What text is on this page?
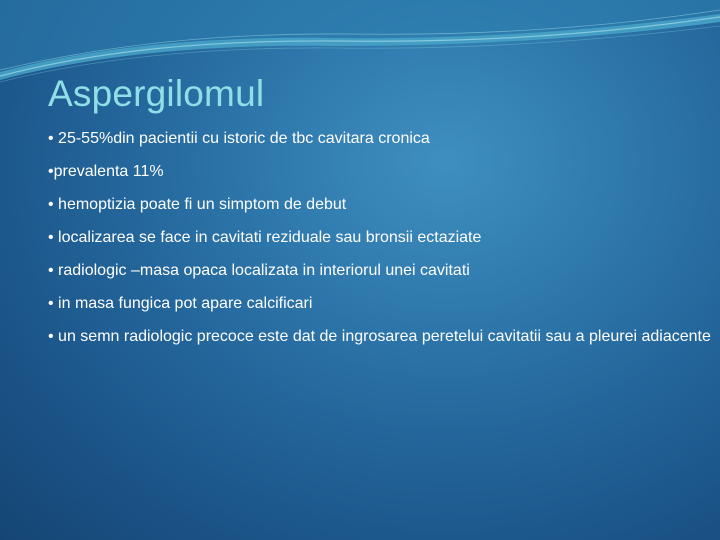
Aspergilomul
• 25-55%din pacientii cu istoric de tbc cavitara cronica
•prevalenta 11%
• hemoptizia poate fi un simptom de debut
• localizarea se face in cavitati reziduale sau bronsii ectaziate
• radiologic –masa opaca localizata in interiorul unei cavitati
• in masa fungica pot apare calcificari
• un semn radiologic precoce este dat de ingrosarea peretelui cavitatii sau a pleurei adiacente
